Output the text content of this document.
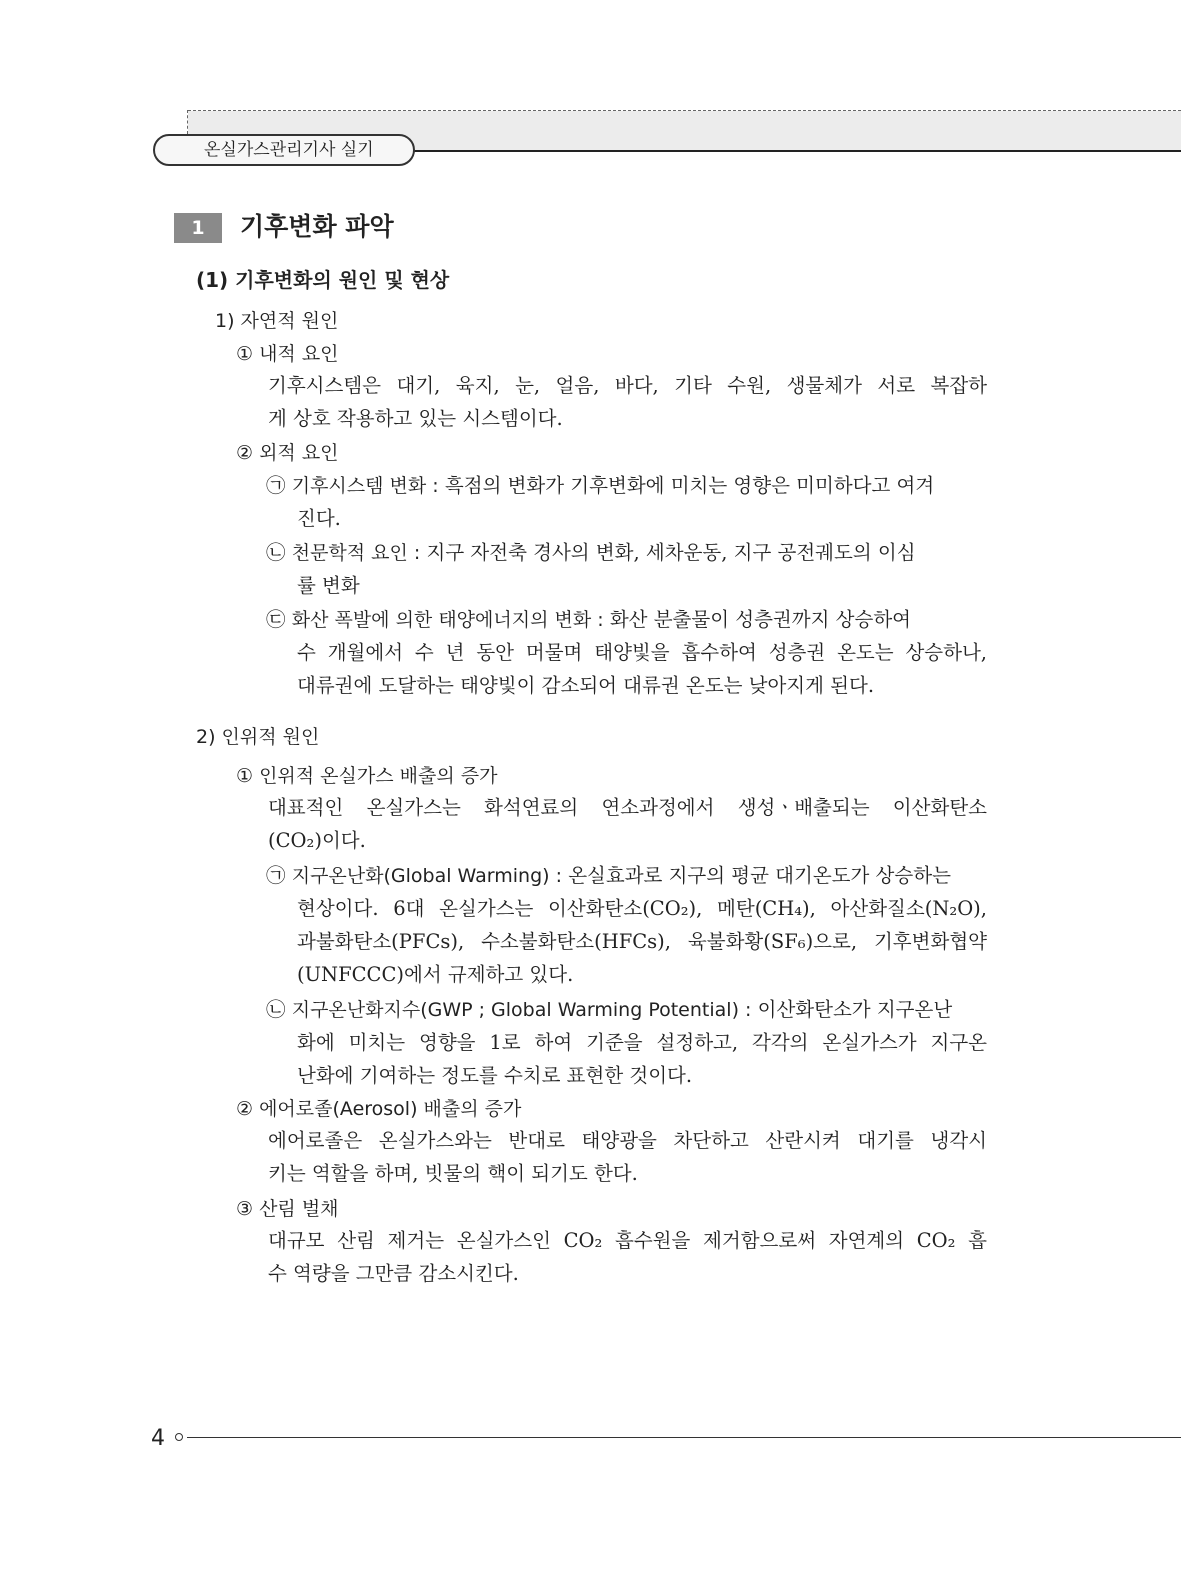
온실가스관리기사 실기
1	기후변화 파악
(1) 기후변화의 원인 및 현상
1) 자연적 원인
① 내적 요인
기후시스템은 대기, 육지, 눈, 얼음, 바다, 기타 수원, 생물체가 서로 복잡하
게 상호 작용하고 있는 시스템이다.
② 외적 요인
㉠ 기후시스템 변화 : 흑점의 변화가 기후변화에 미치는 영향은 미미하다고 여겨
진다.
㉡ 천문학적 요인 : 지구 자전축 경사의 변화, 세차운동, 지구 공전궤도의 이심
률 변화
㉢ 화산 폭발에 의한 태양에너지의 변화 : 화산 분출물이 성층권까지 상승하여
수 개월에서 수 년 동안 머물며 태양빛을 흡수하여 성층권 온도는 상승하나,
대류권에 도달하는 태양빛이 감소되어 대류권 온도는 낮아지게 된다.
2) 인위적 원인
① 인위적 온실가스 배출의 증가
대표적인 온실가스는 화석연료의 연소과정에서 생성ㆍ배출되는 이산화탄소
(CO₂)이다.
㉠ 지구온난화(Global Warming) : 온실효과로 지구의 평균 대기온도가 상승하는
현상이다. 6대 온실가스는 이산화탄소(CO₂), 메탄(CH₄), 아산화질소(N₂O),
과불화탄소(PFCs), 수소불화탄소(HFCs), 육불화황(SF₆)으로, 기후변화협약
(UNFCCC)에서 규제하고 있다.
㉡ 지구온난화지수(GWP ; Global Warming Potential) : 이산화탄소가 지구온난
화에 미치는 영향을 1로 하여 기준을 설정하고, 각각의 온실가스가 지구온
난화에 기여하는 정도를 수치로 표현한 것이다.
② 에어로졸(Aerosol) 배출의 증가
에어로졸은 온실가스와는 반대로 태양광을 차단하고 산란시켜 대기를 냉각시
키는 역할을 하며, 빗물의 핵이 되기도 한다.
③ 산림 벌채
대규모 산림 제거는 온실가스인 CO₂ 흡수원을 제거함으로써 자연계의 CO₂ 흡
수 역량을 그만큼 감소시킨다.
4
